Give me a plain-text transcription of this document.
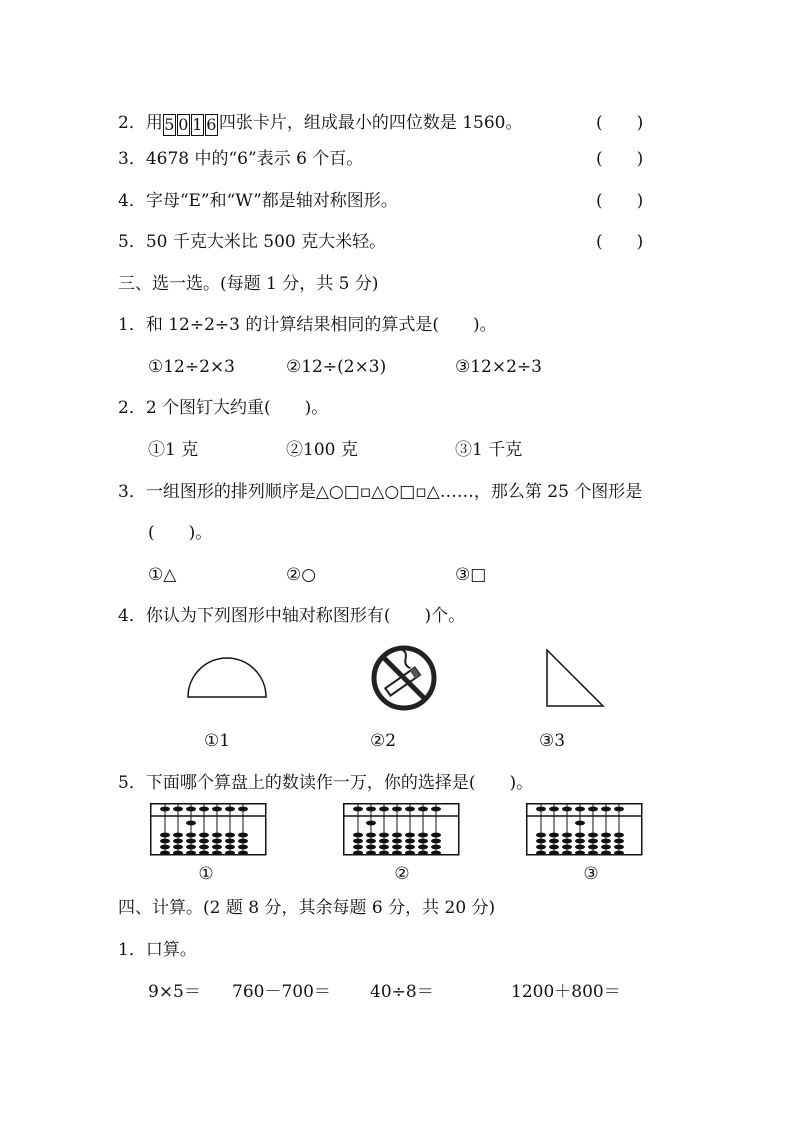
2．用5 0 1 6 四张卡片，组成最小的四位数是 1560。	(　　)
3．4678 中的“6”表示 6 个百。	(　　)
4．字母“E”和“W”都是轴对称图形。	(　　)
5．50 千克大米比 500 克大米轻。	(　　)
三、选一选。(每题 1 分，共 5 分)
1．和 12÷2÷3 的计算结果相同的算式是(　　)。
①12÷2×3	②12÷(2×3)	③12×2÷3
2．2 个图钉大约重(　　)。
①1 克	②100 克	③1 千克
3．一组图形的排列顺序是△○□▫△○□▫△……，那么第 25 个图形是
(　　)。
①△	②○	③□
4．你认为下列图形中轴对称图形有(　　)个。
①1	②2	③3
5．下面哪个算盘上的数读作一万，你的选择是(　　)。
①	②	③
四、计算。(2 题 8 分，其余每题 6 分，共 20 分)
1．口算。
9×5＝ 760－700＝ 40÷8＝	1200＋800＝
